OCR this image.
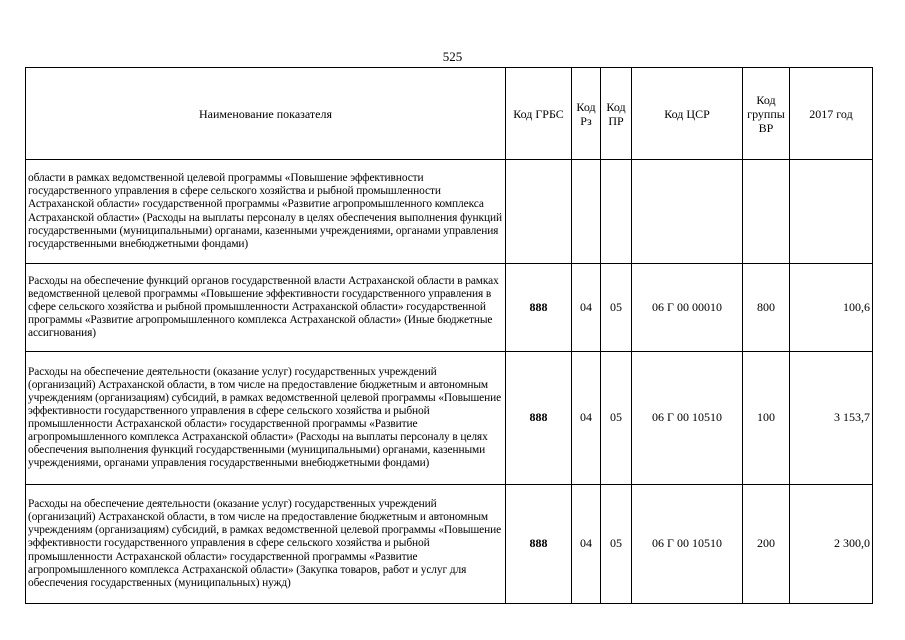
525
Наименование показателя	Код ГРБС	Код Рз	Код ПР	Код ЦСР	Код группы ВР	2017 год
области в рамках ведомственной целевой программы «Повышение эффективности государственного управления в сфере сельского хозяйства и рыбной промышленности Астраханской области» государственной программы «Развитие агропромышленного комплекса Астраханской области» (Расходы на выплаты персоналу в целях обеспечения выполнения функций государственными (муниципальными) органами, казенными учреждениями, органами управления государственными внебюджетными фондами)						
Расходы на обеспечение функций органов государственной власти Астраханской области в рамках ведомственной целевой программы «Повышение эффективности государственного управления в сфере сельского хозяйства и рыбной промышленности Астраханской области» государственной программы «Развитие агропромышленного комплекса Астраханской области» (Иные бюджетные ассигнования)	888	04	05	06 Г 00 00010	800	100,6
Расходы на обеспечение деятельности (оказание услуг) государственных учреждений (организаций) Астраханской области, в том числе на предоставление бюджетным и автономным учреждениям (организациям) субсидий, в рамках ведомственной целевой программы «Повышение эффективности государственного управления в сфере сельского хозяйства и рыбной промышленности Астраханской области» государственной программы «Развитие агропромышленного комплекса Астраханской области» (Расходы на выплаты персоналу в целях обеспечения выполнения функций государственными (муниципальными) органами, казенными учреждениями, органами управления государственными внебюджетными фондами)	888	04	05	06 Г 00 10510	100	3 153,7
Расходы на обеспечение деятельности (оказание услуг) государственных учреждений (организаций) Астраханской области, в том числе на предоставление бюджетным и автономным учреждениям (организациям) субсидий, в рамках ведомственной целевой программы «Повышение эффективности государственного управления в сфере сельского хозяйства и рыбной промышленности Астраханской области» государственной программы «Развитие агропромышленного комплекса Астраханской области» (Закупка товаров, работ и услуг для обеспечения государственных (муниципальных) нужд)	888	04	05	06 Г 00 10510	200	2 300,0
